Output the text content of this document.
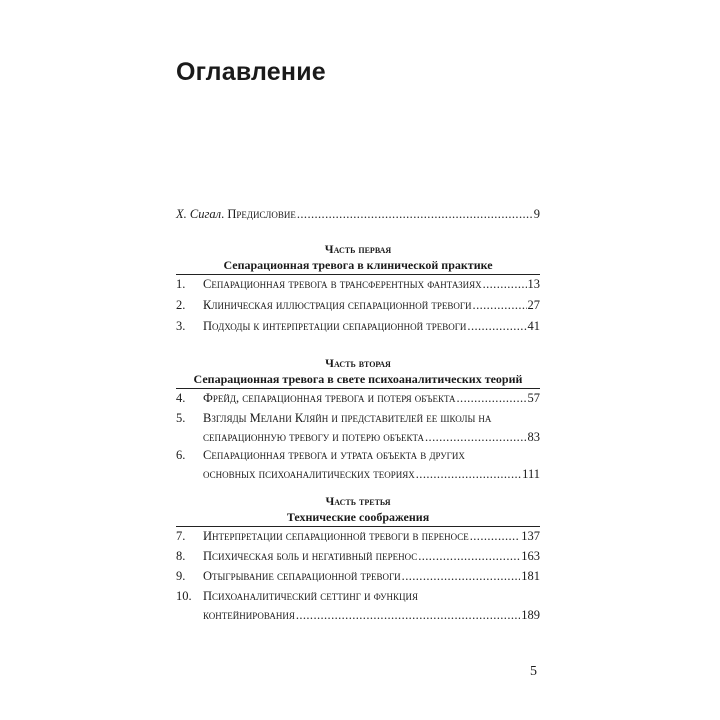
Оглавление
Х. Сигал . Предисловие .....	9
Часть первая
Сепарационная тревога в клинической практике
1.	Сепарационная тревога в трансферентных фантазиях .....	13
2.	Клиническая иллюстрация сепарационной тревоги .....	27
3.	Подходы к интерпретации сепарационной тревоги .....	41
Часть вторая
Сепарационная тревога в свете психоаналитических теорий
4.	Фрейд, сепарационная тревога и потеря объекта .....	57
5.	Взгляды Мелани Кляйн и представителей ее школы на
сепарационную тревогу и потерю объекта .....	83
6.	Сепарационная тревога и утрата объекта в других
основных психоаналитических теориях .....	111
Часть третья
Технические соображения
7.	Интерпретации сепарационной тревоги в переносе .....	137
8.	Психическая боль и негативный перенос .....	163
9.	Отыгрывание сепарационной тревоги .....	181
10. Психоаналитический сеттинг и функция
контейнирования .....	189
5
